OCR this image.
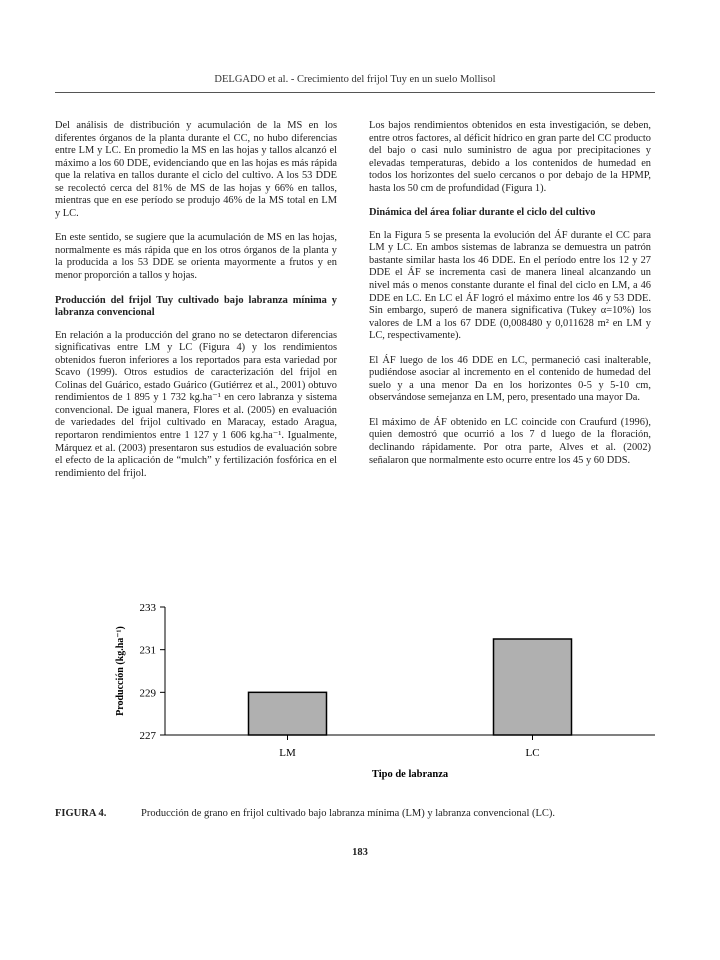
DELGADO et al. - Crecimiento del frijol Tuy en un suelo Mollisol

Del análisis de distribución y acumulación de la MS en los diferentes órganos de la planta durante el CC, no hubo diferencias entre LM y LC. En promedio la MS en las hojas y tallos alcanzó el máximo a los 60 DDE, evidenciando que en las hojas es más rápida que la relativa en tallos durante el ciclo del cultivo. A los 53 DDE se recolectó cerca del 81% de MS de las hojas y 66% en tallos, mientras que en ese período se produjo 46% de la MS total en LM y LC.

En este sentido, se sugiere que la acumulación de MS en las hojas, normalmente es más rápida que en los otros órganos de la planta y la producida a los 53 DDE se orienta mayormente a frutos y en menor proporción a tallos y hojas.

Producción del frijol Tuy cultivado bajo labranza mínima y labranza convencional

En relación a la producción del grano no se detectaron diferencias significativas entre LM y LC (Figura 4) y los rendimientos obtenidos fueron inferiores a los reportados para esta variedad por Scavo (1999). Otros estudios de caracterización del frijol en Colinas del Guárico, estado Guárico (Gutiérrez et al., 2001) obtuvo rendimientos de 1 895 y 1 732 kg.ha⁻¹ en cero labranza y sistema convencional. De igual manera, Flores et al. (2005) en evaluación de variedades del frijol cultivado en Maracay, estado Aragua, reportaron rendimientos entre 1 127 y 1 606 kg.ha⁻¹. Igualmente, Márquez et al. (2003) presentaron sus estudios de evaluación sobre el efecto de la aplicación de “mulch” y fertilización fosfórica en el rendimiento del frijol.

Los bajos rendimientos obtenidos en esta investigación, se deben, entre otros factores, al déficit hídrico en gran parte del CC producto del bajo o casi nulo suministro de agua por precipitaciones y elevadas temperaturas, debido a los contenidos de humedad en todos los horizontes del suelo cercanos o por debajo de la HPMP, hasta los 50 cm de profundidad (Figura 1).

Dinámica del área foliar durante el ciclo del cultivo

En la Figura 5 se presenta la evolución del ÁF durante el CC para LM y LC. En ambos sistemas de labranza se demuestra un patrón bastante similar hasta los 46 DDE. En el período entre los 12 y 27 DDE el ÁF se incrementa casi de manera lineal alcanzando un nivel más o menos constante durante el final del ciclo en LM, a 46 DDE en LC. En LC el ÁF logró el máximo entre los 46 y 53 DDE. Sin embargo, superó de manera significativa (Tukey α=10%) los valores de LM a los 67 DDE (0,008480 y 0,011628 m² en LM y LC, respectivamente).

El ÁF luego de los 46 DDE en LC, permaneció casi inalterable, pudiéndose asociar al incremento en el contenido de humedad del suelo y a una menor Da en los horizontes 0-5 y 5-10 cm, observándose semejanza en LM, pero, presentado una mayor Da.

El máximo de ÁF obtenido en LC coincide con Craufurd (1996), quien demostró que ocurrió a los 7 d luego de la floración, declinando rápidamente. Por otra parte, Alves et al. (2002) señalaron que normalmente esto ocurre entre los 45 y 60 DDS.

227
229
231
233
Producción (kg.ha⁻¹)
LM	LC
Tipo de labranza
FIGURA 4.	Producción de grano en frijol cultivado bajo labranza mínima (LM) y labranza convencional (LC).
183
